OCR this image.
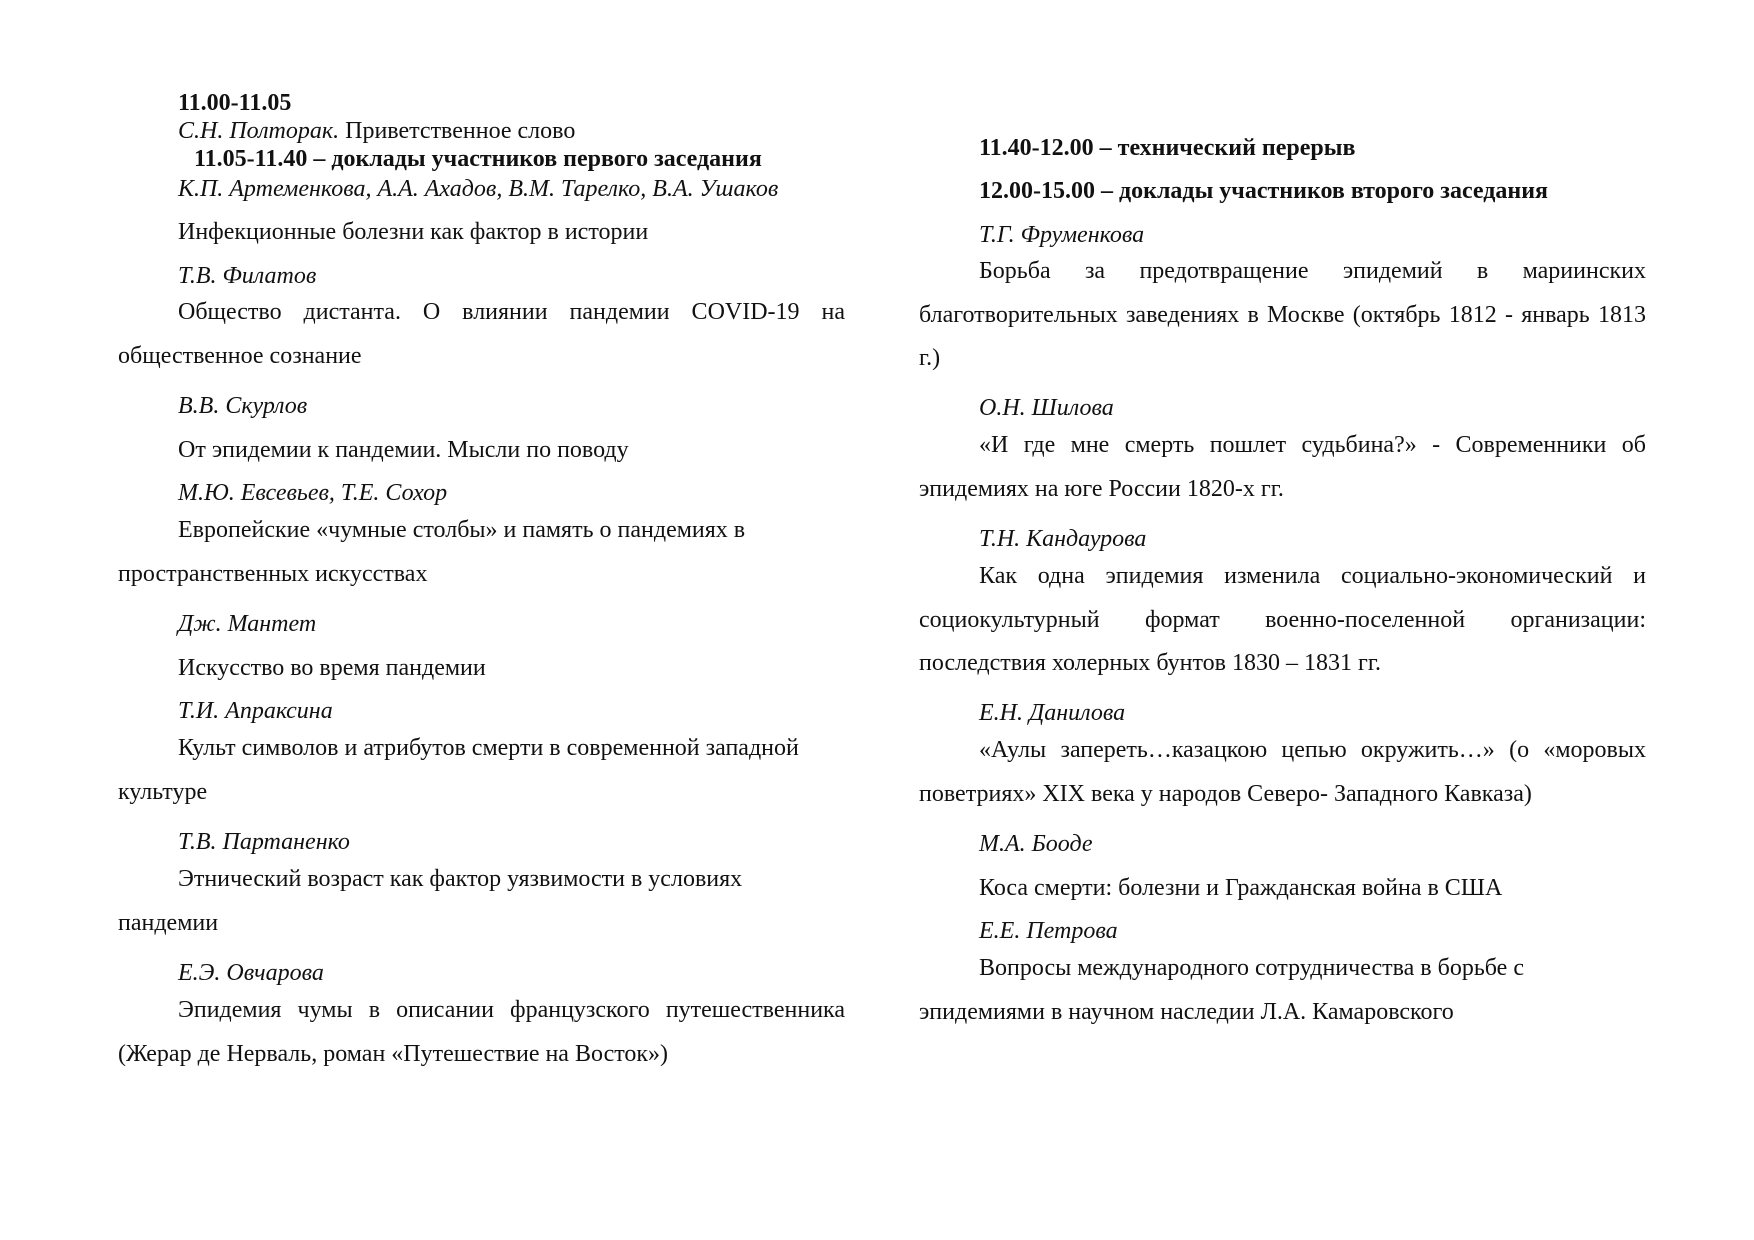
11.00-11.05
С.Н. Полторак. Приветственное слово
11.05-11.40 – доклады участников первого заседания
К.П. Артеменкова, А.А. Ахадов, В.М. Тарелко, В.А. Ушаков
Инфекционные болезни как фактор в истории
Т.В. Филатов
Общество дистанта. О влиянии пандемии COVID-19 на общественное сознание
В.В. Скурлов
От эпидемии к пандемии. Мысли по поводу
М.Ю. Евсевьев, Т.Е. Сохор
Европейские «чумные столбы» и память о пандемиях в пространственных искусствах
Дж. Мантет
Искусство во время пандемии
Т.И. Апраксина
Культ символов и атрибутов смерти в современной западной культуре
Т.В. Партаненко
Этнический возраст как фактор уязвимости в условиях пандемии
Е.Э. Овчарова
Эпидемия чумы в описании французского путешественника (Жерар де Нерваль, роман «Путешествие на Восток»)
11.40-12.00 – технический перерыв
12.00-15.00 – доклады участников второго заседания
Т.Г. Фруменкова
Борьба за предотвращение эпидемий в мариинских благотворительных заведениях в Москве (октябрь 1812 - январь 1813 г.)
О.Н. Шилова
«И где мне смерть пошлет судьбина?» - Современники об эпидемиях на юге России 1820-х гг.
Т.Н. Кандаурова
Как одна эпидемия изменила социально-экономический и социокультурный формат военно-поселенной организации: последствия холерных бунтов 1830 – 1831 гг.
Е.Н. Данилова
«Аулы запереть…казацкою цепью окружить…» (о «моровых поветриях» XIX века у народов Северо- Западного Кавказа)
М.А. Бооде
Коса смерти: болезни и Гражданская война в США
Е.Е. Петрова
Вопросы международного сотрудничества в борьбе с эпидемиями в научном наследии Л.А. Камаровского
